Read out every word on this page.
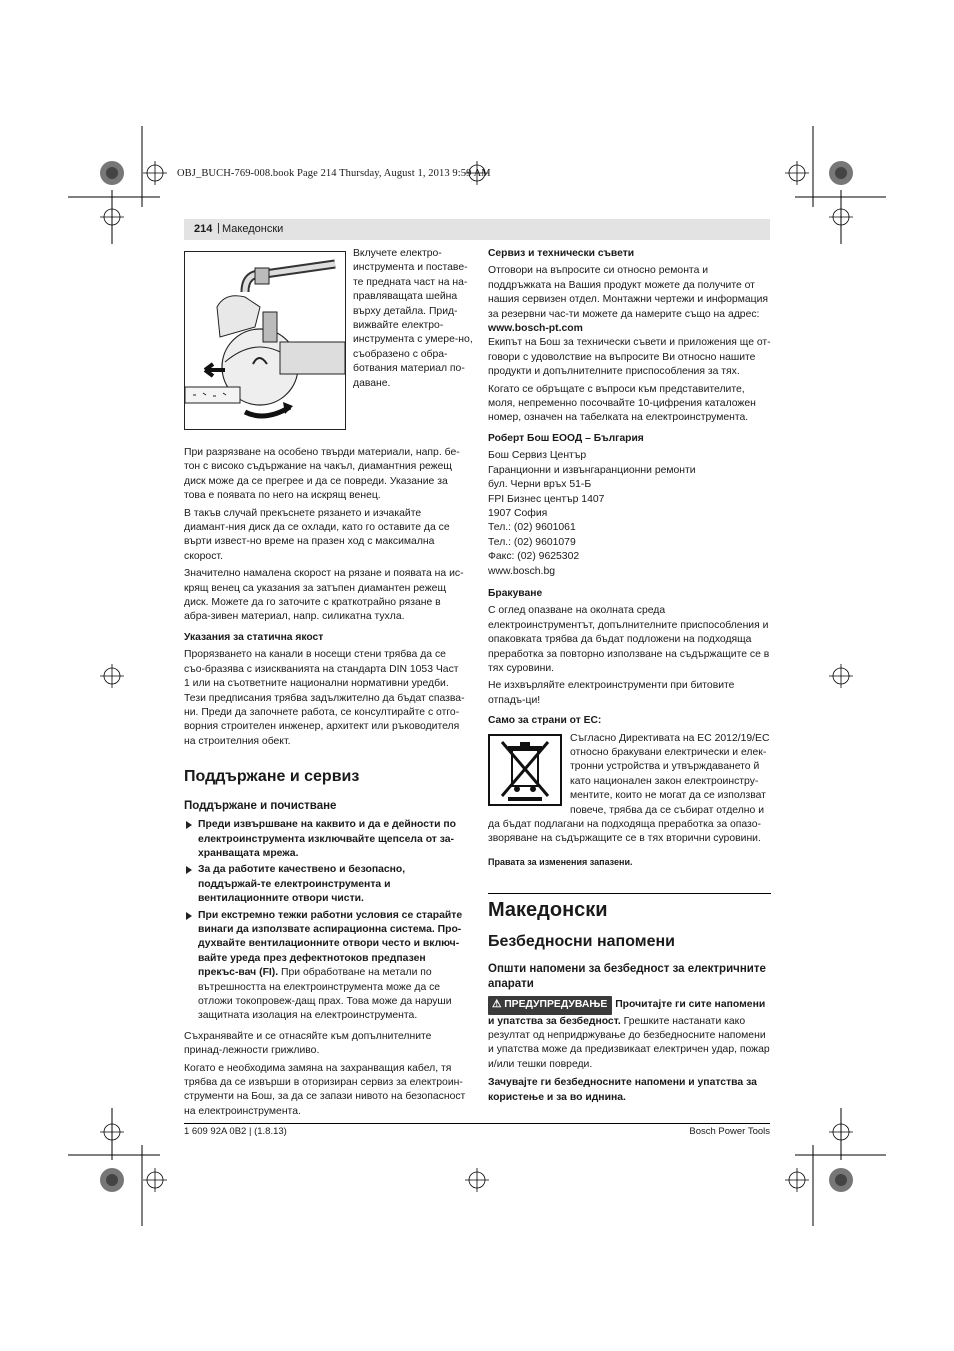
OBJ_BUCH-769-008.book Page 214 Thursday, August 1, 2013 9:59 AM
214 | Македонски
Вклучете електро-инструмента и поставе-те предната част на на-правляващата шейна върху детайла. Прид-вижвайте електро-инструмента с умере-но, съобразено с обра-ботвания материал по-даване.

При разрязване на особено твърди материали, напр. бе-тон с високо съдържание на чакъл, диамантния режещ диск може да се прегрее и да се повреди. Указание за това е появата по него на искрящ венец.

В такъв случай прекъснете рязането и изчакайте диамант-ния диск да се охлади, като го оставите да се върти извест-но време на празен ход с максимална скорост.

Значително намалена скорост на рязане и появата на ис-крящ венец са указания за затъпен диамантен режещ диск. Можете да го заточите с краткотрайно рязане в абра-зивен материал, напр. силикатна тухла.

Указания за статична якост

Прорязването на канали в носещи стени трябва да се съо-бразява с изискванията на стандарта DIN 1053 Част 1 или на съответните национални нормативни уредби.

Тези предписания трябва задължително да бъдат спазва-ни. Преди да започнете работа, се консултирайте с отго-ворния строителен инженер, архитект или ръководителя на строителния обект.

Поддържане и сервиз

Поддържане и почистване

Преди извършване на каквито и да е дейности по електроинструмента изключвайте щепсела от за-хранващата мрежа.
За да работите качествено и безопасно, поддържай-те електроинструмента и вентилационните отвори чисти.
При екстремно тежки работни условия се старайте винаги да използвате аспирационна система. Про-духвайте вентилационните отвори често и включ-вайте уреда през дефектнотоков предпазен прекъс-вач (FI). При обработване на метали по вътрешността на електроинструмента може да се отложи токопровеж-дащ прах. Това може да наруши защитната изолация на електроинструмента.

Съхранявайте и се отнасяйте към допълнителните принад-лежности грижливо.

Когато е необходима замяна на захранващия кабел, тя трябва да се извърши в оторизиран сервиз за електроин-струменти на Бош, за да се запази нивото на безопасност на електроинструмента.

Сервиз и технически съвети

Отговори на въпросите си относно ремонта и поддръжката на Вашия продукт можете да получите от нашия сервизен отдел. Монтажни чертежи и информация за резервни час-ти можете да намерите също на адрес:

www.bosch-pt.com

Екипът на Бош за технически съвети и приложения ще от-говори с удоволствие на въпросите Ви относно нашите продукти и допълнителните приспособления за тях.

Когато се обръщате с въпроси към представителите, моля, непременно посочвайте 10-цифрения каталожен номер, означен на табелката на електроинструмента.

Роберт Бош ЕООД – България

Бош Сервиз Център
Гаранционни и извънгаранционни ремонти
бул. Черни връх 51-Б
FPI Бизнес център 1407
1907 София
Тел.: (02) 9601061
Тел.: (02) 9601079
Факс: (02) 9625302
www.bosch.bg

Бракуване

С оглед опазване на околната среда електроинструментът, допълнителните приспособления и опаковката трябва да бъдат подложени на подходяща преработка за повторно използване на съдържащите се в тях суровини.

Не изхвърляйте електроинструменти при битовите отпадъ-ци!

Само за страни от ЕС:

Съгласно Директивата на ЕС 2012/19/ЕС относно бракувани електрически и елек-тронни устройства и утвърждаването й като национален закон електроинстру-ментите, които не могат да се използват повече, трябва да се събират отделно и да бъдат подлагани на подходяща преработка за опазо-зворяване на съдържащите се в тях вторични суровини.

Правата за изменения запазени.

Македонски

Безбедносни напомени

Општи напомени за безбедност за електричните апарати

⚠ ПРЕДУПРЕДУВАЊЕ Прочитајте ги сите напомени и упатства за безбедност. Грешките настанати како резултат од непридржување до безбедносните напомени и упатства може да предизвикаат електричен удар, пожар и/или тешки повреди.

Зачувајте ги безбедносните напомени и упатства за користење и за во иднина.

1 609 92A 0B2 | (1.8.13)	Bosch Power Tools
